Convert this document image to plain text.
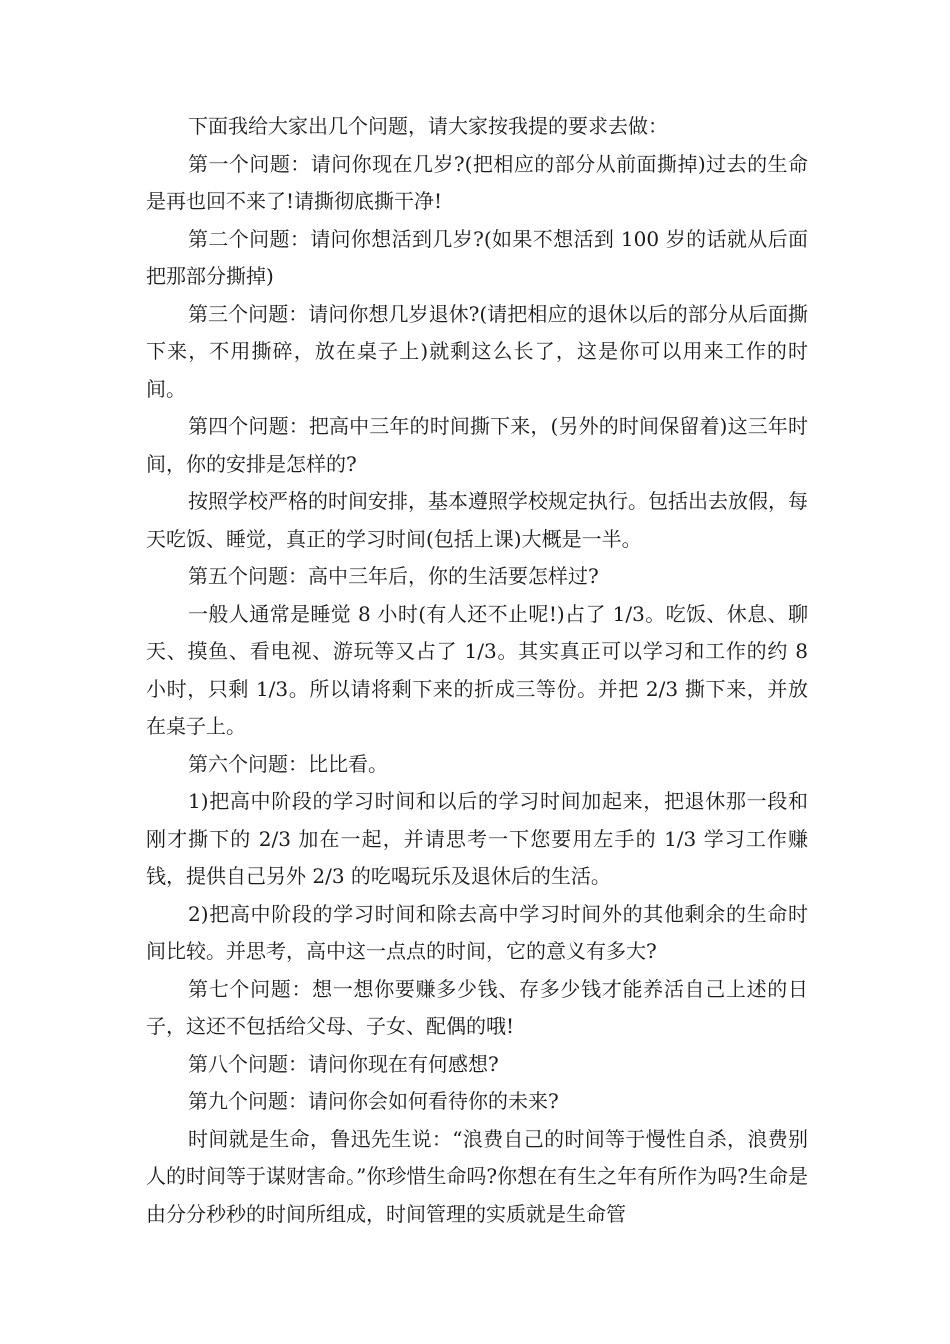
下面我给大家出几个问题，请大家按我提的要求去做：

第一个问题：请问你现在几岁?(把相应的部分从前面撕掉)过去的生命是再也回不来了!请撕彻底撕干净!

第二个问题：请问你想活到几岁?(如果不想活到 100 岁的话就从后面把那部分撕掉)

第三个问题：请问你想几岁退休?(请把相应的退休以后的部分从后面撕下来，不用撕碎，放在桌子上)就剩这么长了，这是你可以用来工作的时间。

第四个问题：把高中三年的时间撕下来，(另外的时间保留着)这三年时间，你的安排是怎样的?

按照学校严格的时间安排，基本遵照学校规定执行。包括出去放假，每天吃饭、睡觉，真正的学习时间(包括上课)大概是一半。

第五个问题：高中三年后，你的生活要怎样过?

一般人通常是睡觉 8 小时(有人还不止呢!)占了 1/3。吃饭、休息、聊天、摸鱼、看电视、游玩等又占了 1/3。其实真正可以学习和工作的约 8 小时，只剩 1/3。所以请将剩下来的折成三等份。并把 2/3 撕下来，并放在桌子上。

第六个问题：比比看。

1)把高中阶段的学习时间和以后的学习时间加起来，把退休那一段和刚才撕下的 2/3 加在一起，并请思考一下您要用左手的 1/3 学习工作赚钱，提供自己另外 2/3 的吃喝玩乐及退休后的生活。

2)把高中阶段的学习时间和除去高中学习时间外的其他剩余的生命时间比较。并思考，高中这一点点的时间，它的意义有多大?

第七个问题：想一想你要赚多少钱、存多少钱才能养活自己上述的日子，这还不包括给父母、子女、配偶的哦!

第八个问题：请问你现在有何感想?

第九个问题：请问你会如何看待你的未来?

时间就是生命，鲁迅先生说：“浪费自己的时间等于慢性自杀，浪费别人的时间等于谋财害命。”你珍惜生命吗?你想在有生之年有所作为吗?生命是由分分秒秒的时间所组成，时间管理的实质就是生命管
